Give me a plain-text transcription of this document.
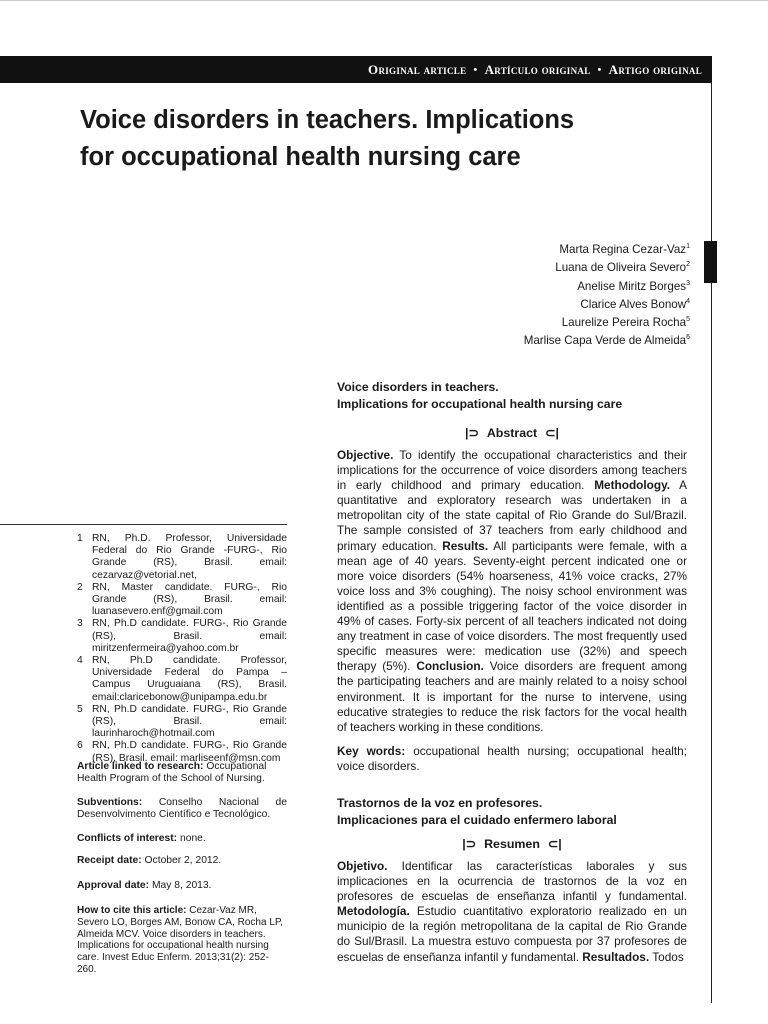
Original article • Artículo original • Artigo original
Voice disorders in teachers. Implications
for occupational health nursing care
Marta Regina Cezar-Vaz$^1$
Luana de Oliveira Severo$^2$
Anelise Miritz Borges$^3$
Clarice Alves Bonow$^4$
Laurelize Pereira Rocha$^5$
Marlise Capa Verde de Almeida$^6$
1 RN, Ph.D. Professor, Universidade Federal do Rio Grande -FURG-, Rio Grande (RS), Brasil. email: cezarvaz@vetorial.net,
2 RN, Master candidate. FURG-, Rio Grande (RS), Brasil. email: luanasevero.enf@gmail.com
3 RN, Ph.D candidate. FURG-, Rio Grande (RS), Brasil. email: miritzenfermeira@yahoo.com.br
4 RN, Ph.D candidate. Professor, Universidade Federal do Pampa – Campus Uruguaiana (RS), Brasil. email:claricebonow@unipampa.edu.br
5 RN, Ph.D candidate. FURG-, Rio Grande (RS), Brasil. email: laurinharoch@hotmail.com
6 RN, Ph.D candidate. FURG-, Rio Grande (RS), Brasil. email: marliseenf@msn.com

Article linked to research: Occupational Health Program of the School of Nursing.

Subventions: Conselho Nacional de Desenvolvimento Científico e Tecnológico.

Conflicts of interest: none.

Receipt date: October 2, 2012.

Approval date: May 8, 2013.

How to cite this article: Cezar-Vaz MR, Severo LO, Borges AM, Bonow CA, Rocha LP, Almeida MCV. Voice disorders in teachers. Implications for occupational health nursing care. Invest Educ Enferm. 2013;31(2): 252-260.

Voice disorders in teachers.

Implications for occupational health nursing care

|⊃ Abstract ⊂|

Objective. To identify the occupational characteristics and their implications for the occurrence of voice disorders among teachers in early childhood and primary education. Methodology. A quantitative and exploratory research was undertaken in a metropolitan city of the state capital of Rio Grande do Sul/Brazil. The sample consisted of 37 teachers from early childhood and primary education. Results. All participants were female, with a mean age of 40 years. Seventy-eight percent indicated one or more voice disorders (54% hoarseness, 41% voice cracks, 27% voice loss and 3% coughing). The noisy school environment was identified as a possible triggering factor of the voice disorder in 49% of cases. Forty-six percent of all teachers indicated not doing any treatment in case of voice disorders. The most frequently used specific measures were: medication use (32%) and speech therapy (5%). Conclusion. Voice disorders are frequent among the participating teachers and are mainly related to a noisy school environment. It is important for the nurse to intervene, using educative strategies to reduce the risk factors for the vocal health of teachers working in these conditions.

Key words: occupational health nursing; occupational health; voice disorders.

Trastornos de la voz en profesores.

Implicaciones para el cuidado enfermero laboral

|⊃ Resumen ⊂|

Objetivo. Identificar las características laborales y sus implicaciones en la ocurrencia de trastornos de la voz en profesores de escuelas de enseñanza infantil y fundamental. Metodología. Estudio cuantitativo exploratorio realizado en un municipio de la región metropolitana de la capital de Rio Grande do Sul/Brasil. La muestra estuvo compuesta por 37 profesores de escuelas de enseñanza infantil y fundamental. Resultados. Todos
